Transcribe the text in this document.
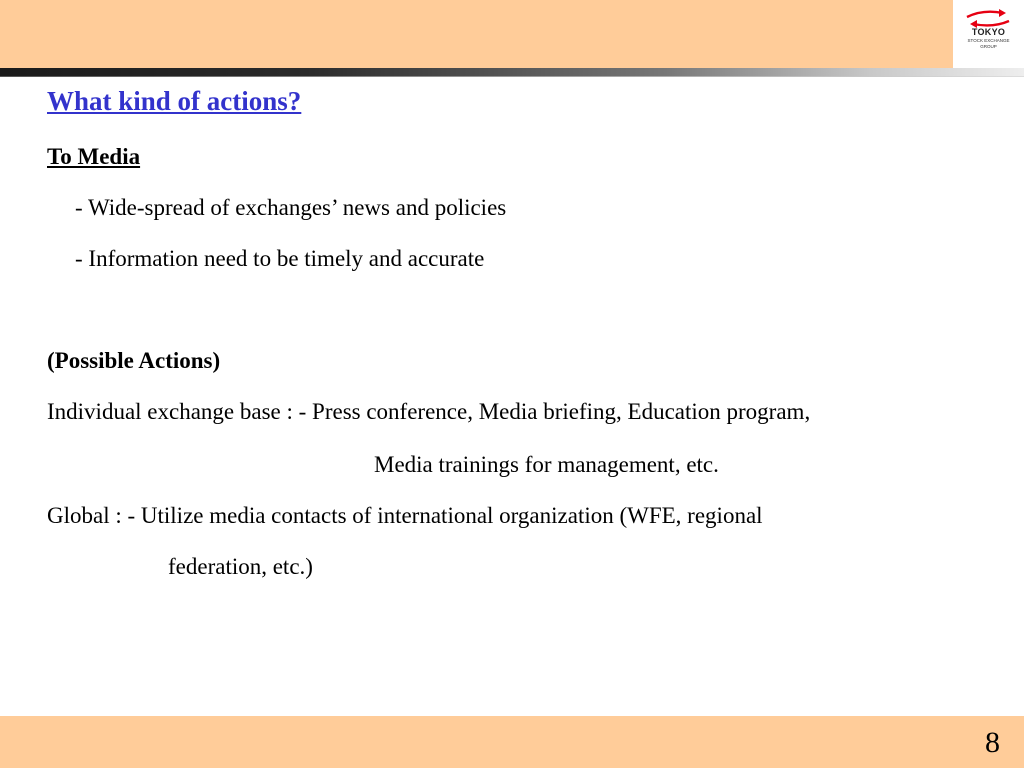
TOKYO
STOCK EXCHANGE
GROUP
What kind of actions?
To Media
- Wide-spread of exchanges’ news and policies
- Information need to be timely and accurate
(Possible Actions)
Individual exchange base : - Press conference, Media briefing, Education program,
Media trainings for management, etc.
Global : - Utilize media contacts of international organization (WFE, regional
federation, etc.)
8
